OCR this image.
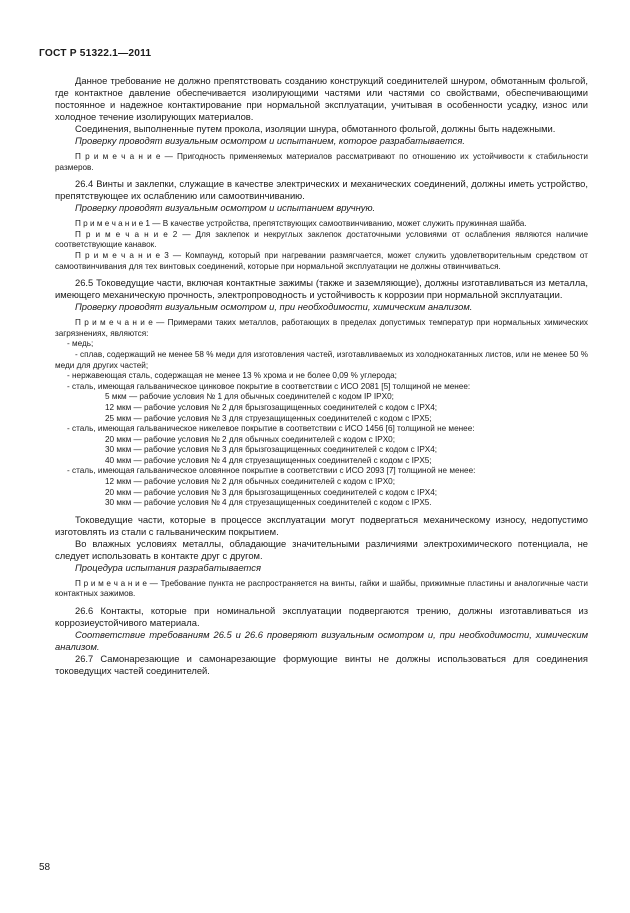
ГОСТ Р 51322.1—2011

Данное требование не должно препятствовать созданию конструкций соединителей шнуром, обмотанным фольгой, где контактное давление обеспечивается изолирующими частями или частями со свойствами, обеспечивающими постоянное и надежное контактирование при нормальной эксплуатации, учитывая в особенности усадку, износ или холодное течение изолирующих материалов.

Соединения, выполненные путем прокола, изоляции шнура, обмотанного фольгой, должны быть надежными.

Проверку проводят визуальным осмотром и испытанием, которое разрабатывается.

П р и м е ч а н и е — Пригодность применяемых материалов рассматривают по отношению их устойчивости к стабильности размеров.

26.4 Винты и заклепки, служащие в качестве электрических и механических соединений, должны иметь устройство, препятствующее их ослаблению или самоотвинчиванию.

Проверку проводят визуальным осмотром и испытанием вручную.

П р и м е ч а н и е 1 — В качестве устройства, препятствующих самоотвинчиванию, может служить пружинная шайба.

П р и м е ч а н и е 2 — Для заклепок и некруглых заклепок достаточными условиями от ослабления являются наличие соответствующие канавок.

П р и м е ч а н и е 3 — Компаунд, который при нагревании размягчается, может служить удовлетворительным средством от самоотвинчивания для тех винтовых соединений, которые при нормальной эксплуатации не должны отвинчиваться.

26.5 Токоведущие части, включая контактные зажимы (также и заземляющие), должны изготавливаться из металла, имеющего механическую прочность, электропроводность и устойчивость к коррозии при нормальной эксплуатации.

Проверку проводят визуальным осмотром и, при необходимости, химическим анализом.

П р и м е ч а н и е — Примерами таких металлов, работающих в пределах допустимых температур при нормальных химических загрязнениях, являются:

- медь;

- сплав, содержащий не менее 58 % меди для изготовления частей, изготавливаемых из холоднокатанных листов, или не менее 50 % меди для других частей;

- нержавеющая сталь, содержащая не менее 13 % хрома и не более 0,09 % углерода;

- сталь, имеющая гальваническое цинковое покрытие в соответствии с ИСО 2081 [5] толщиной не менее:

5 мкм — рабочие условия № 1 для обычных соединителей с кодом IP IPX0;

12 мкм — рабочие условия № 2 для брызгозащищенных соединителей с кодом с IPX4;

25 мкм — рабочие условия № 3 для струезащищенных соединителей с кодом с IPX5;

- сталь, имеющая гальваническое никелевое покрытие в соответствии с ИСО 1456 [6] толщиной не менее:

20 мкм — рабочие условия № 2 для обычных соединителей с кодом с IPX0;

30 мкм — рабочие условия № 3 для брызгозащищенных соединителей с кодом с IPX4;

40 мкм — рабочие условия № 4 для струезащищенных соединителей с кодом с IPX5;

- сталь, имеющая гальваническое оловянное покрытие в соответствии с ИСО 2093 [7] толщиной не менее:

12 мкм — рабочие условия № 2 для обычных соединителей с кодом с IPX0;

20 мкм — рабочие условия № 3 для брызгозащищенных соединителей с кодом с IPX4;

30 мкм — рабочие условия № 4 для струезащищенных соединителей с кодом с IPX5.

Токоведущие части, которые в процессе эксплуатации могут подвергаться механическому износу, недопустимо изготовлять из стали с гальваническим покрытием.

Во влажных условиях металлы, обладающие значительными различиями электрохимического потенциала, не следует использовать в контакте друг с другом.

Процедура испытания разрабатывается

П р и м е ч а н и е — Требование пункта не распространяется на винты, гайки и шайбы, прижимные пластины и аналогичные части контактных зажимов.

26.6 Контакты, которые при номинальной эксплуатации подвергаются трению, должны изготавливаться из коррозиеустойчивого материала.

Соответствие требованиям 26.5 и 26.6 проверяют визуальным осмотром и, при необходимости, химическим анализом.

26.7 Самонарезающие и самонарезающие формующие винты не должны использоваться для соединения токоведущих частей соединителей.

58
